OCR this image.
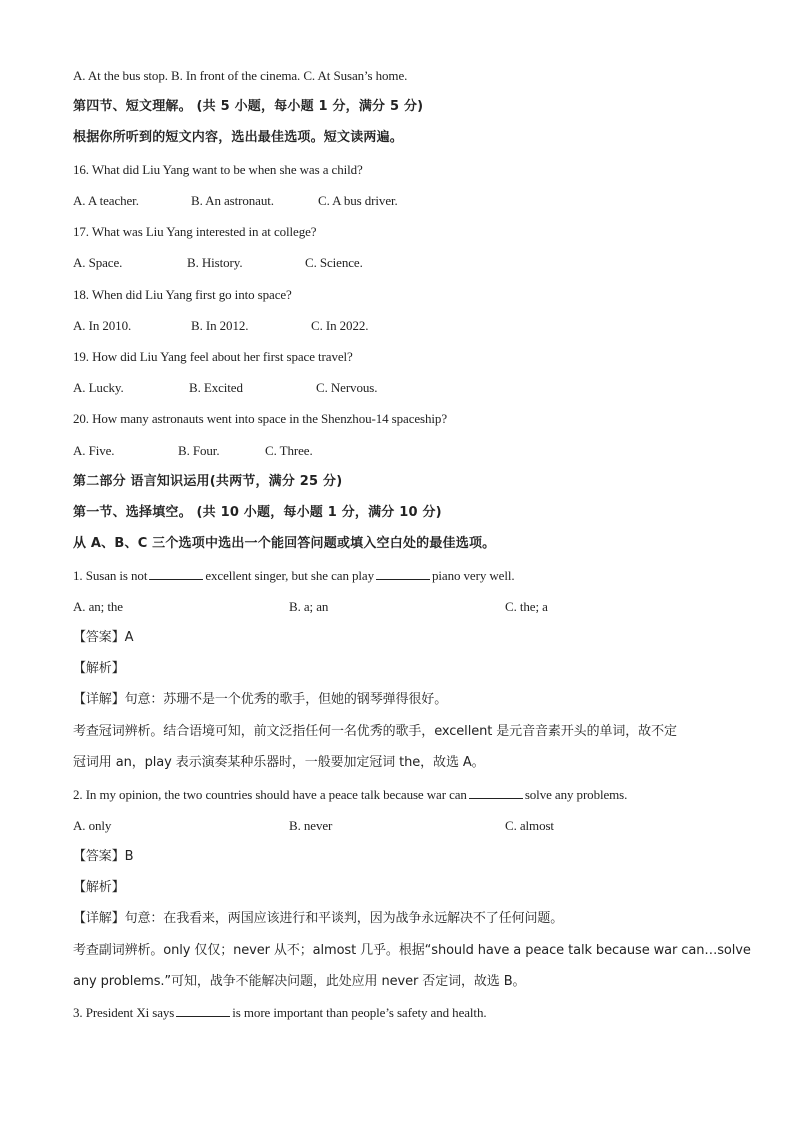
A. At the bus stop. B. In front of the cinema. C. At Susan’s home.
第四节、短文理解。 (共 5 小题，每小题 1 分，满分 5 分)
根据你所听到的短文内容，选出最佳选项。短文读两遍。
16. What did Liu Yang want to be when she was a child?
A. A teacher.	B. An astronaut.	C. A bus driver.
17. What was Liu Yang interested in at college?
A. Space.	B. History.	C. Science.
18. When did Liu Yang first go into space?
A. In 2010.	B. In 2012.	C. In 2022.
19. How did Liu Yang feel about her first space travel?
A. Lucky.	B. Excited	C. Nervous.
20. How many astronauts went into space in the Shenzhou-14 spaceship?
A. Five.	B. Four.	C. Three.
第二部分 语言知识运用(共两节，满分 25 分)
第一节、选择填空。 (共 10 小题，每小题 1 分，满分 10 分)
从 A、B、C 三个选项中选出一个能回答问题或填入空白处的最佳选项。
1. Susan is not	excellent singer, but she can play	piano very well.
A. an; the	B. a; an	C. the; a
【答案】A
【解析】
【详解】句意：苏珊不是一个优秀的歌手，但她的钢琴弹得很好。
考查冠词辨析。结合语境可知，前文泛指任何一名优秀的歌手，excellent 是元音音素开头的单词，故不定
冠词用 an，play 表示演奏某种乐器时，一般要加定冠词 the，故选 A。
2. In my opinion, the two countries should have a peace talk because war can	solve any problems.
A. only	B. never	C. almost
【答案】B
【解析】
【详解】句意：在我看来，两国应该进行和平谈判，因为战争永远解决不了任何问题。
考查副词辨析。only 仅仅；never 从不；almost 几乎。根据“should have a peace talk because war can…solve
any problems.”可知，战争不能解决问题，此处应用 never 否定词，故选 B。
3. President Xi says	is more important than people’s safety and health.
